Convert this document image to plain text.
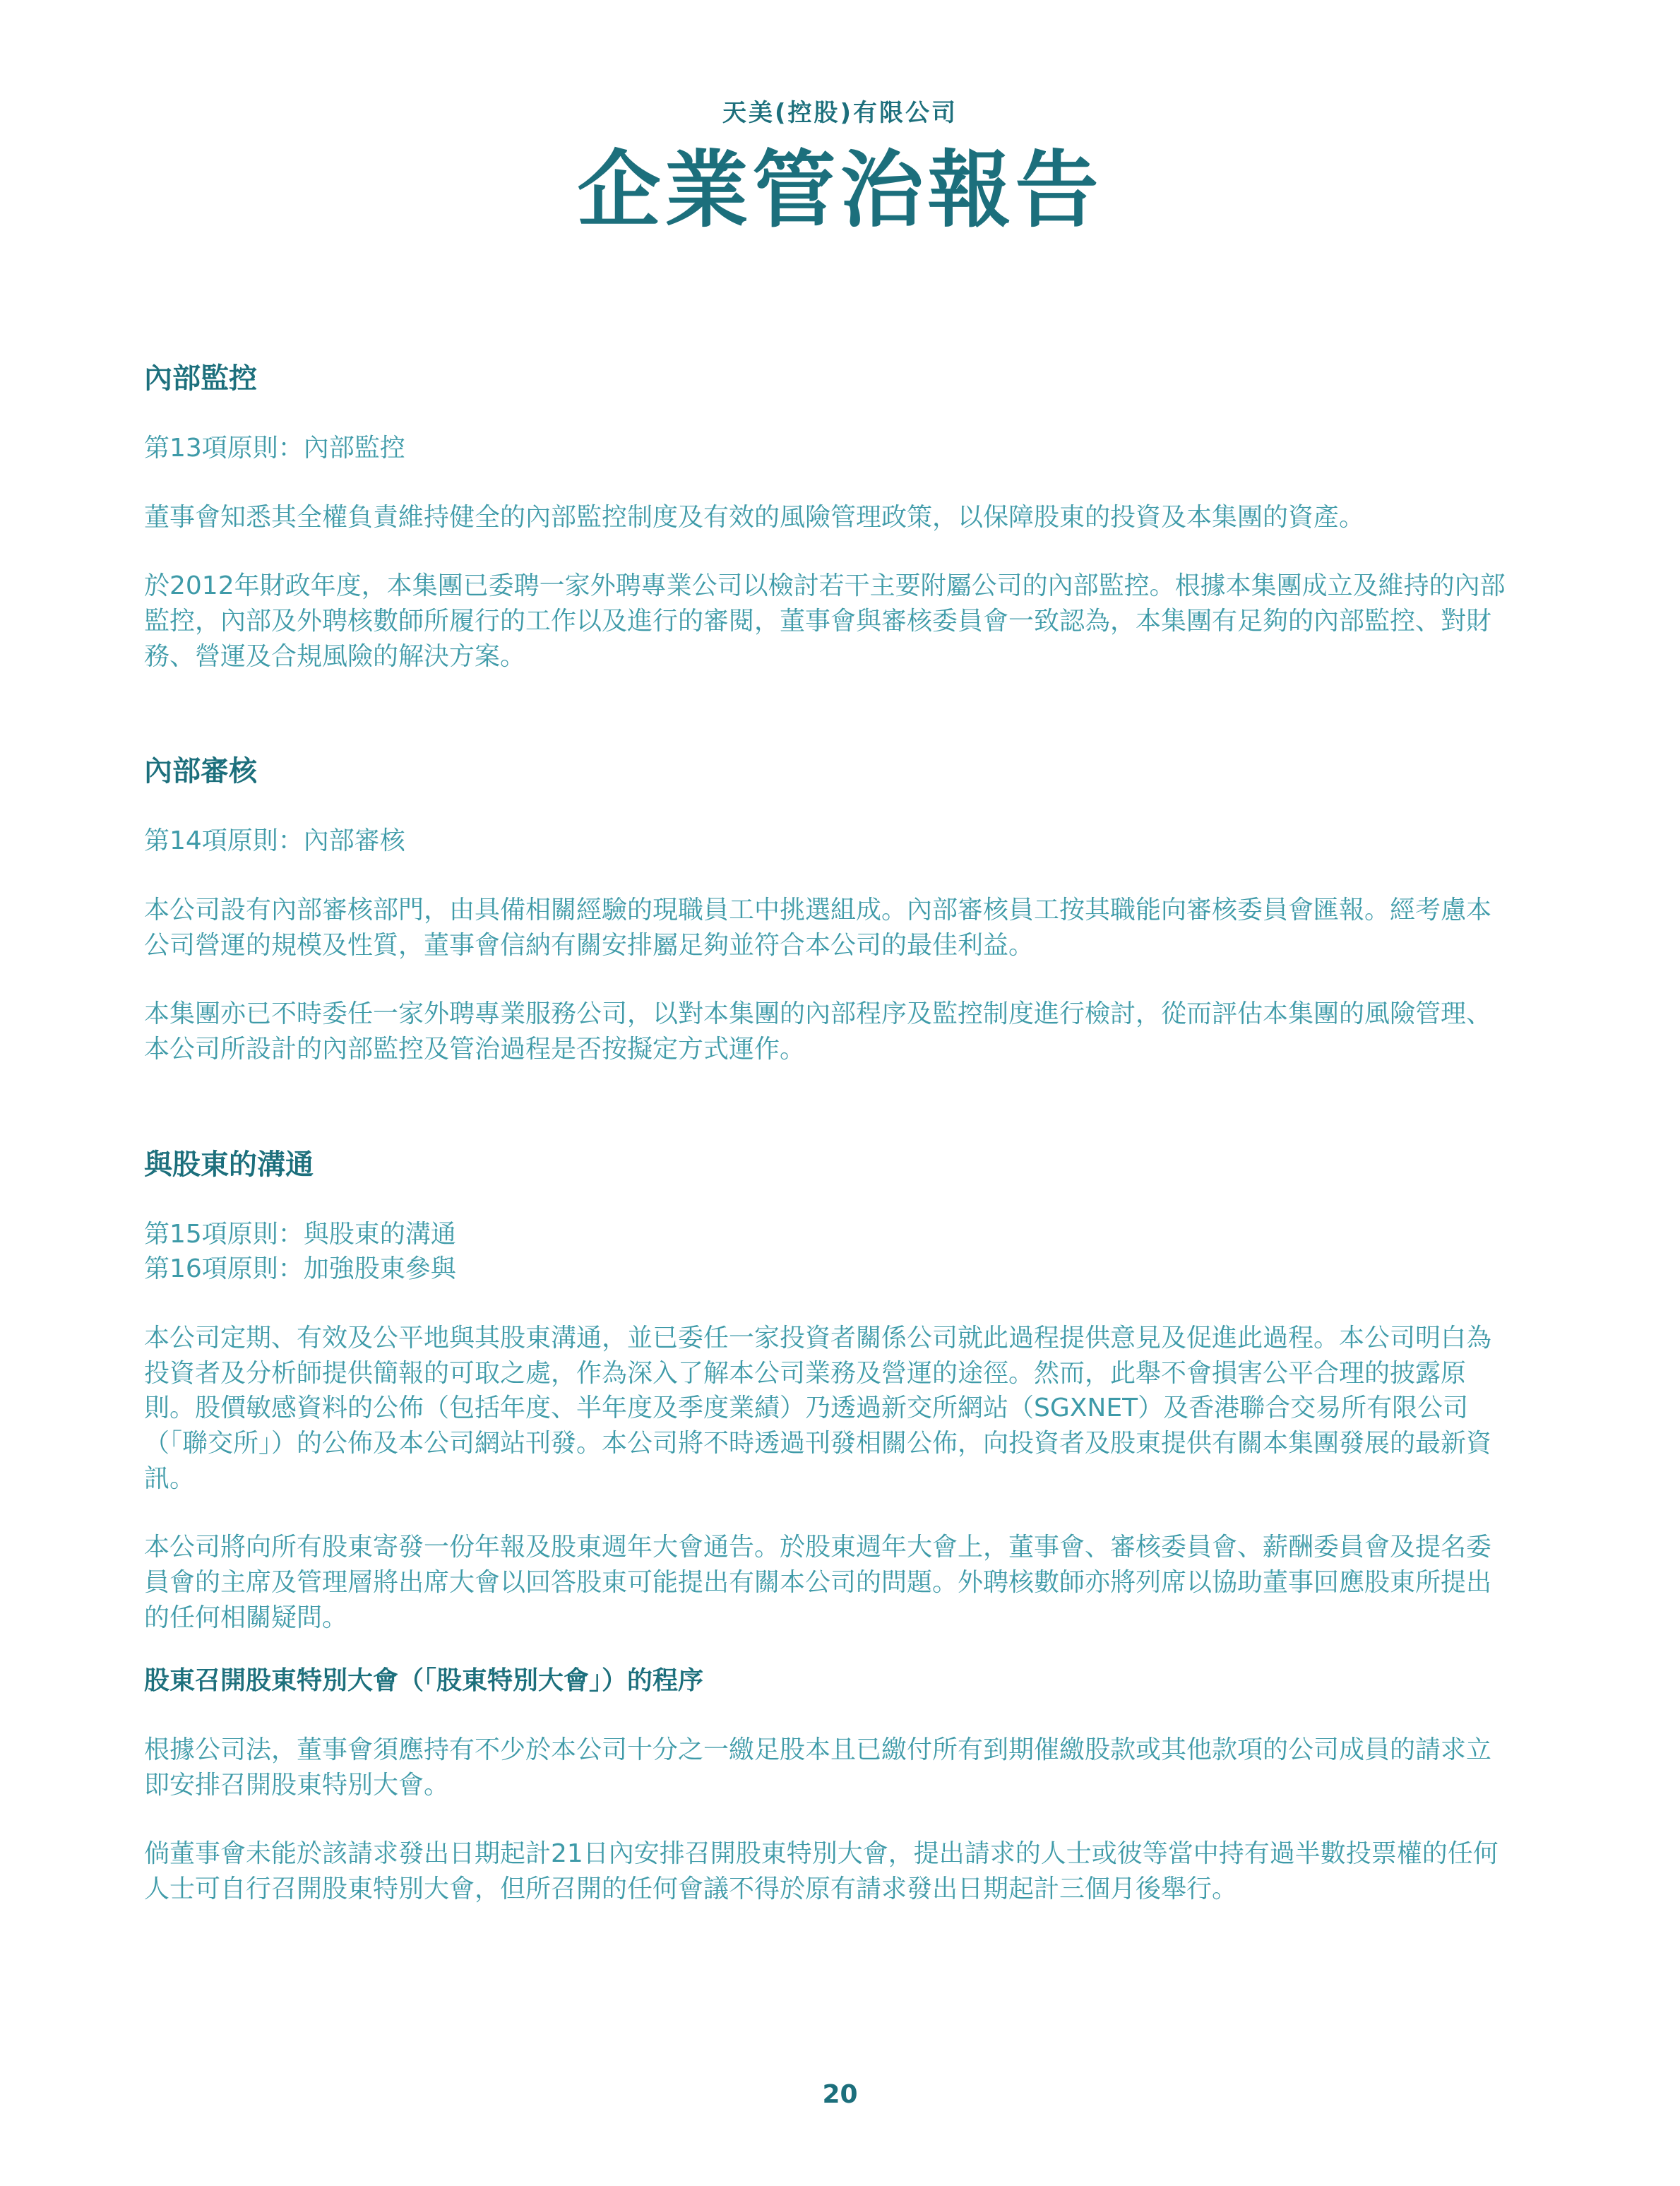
天美(控股)有限公司
企業管治報告
內部監控
第13項原則：內部監控

董事會知悉其全權負責維持健全的內部監控制度及有效的風險管理政策，以保障股東的投資及本集團的資產。

於2012年財政年度，本集團已委聘一家外聘專業公司以檢討若干主要附屬公司的內部監控。根據本集團成立及維持的內部監控，內部及外聘核數師所履行的工作以及進行的審閱，董事會與審核委員會一致認為，本集團有足夠的內部監控、對財務、營運及合規風險的解決方案。

內部審核
第14項原則：內部審核

本公司設有內部審核部門，由具備相關經驗的現職員工中挑選組成。內部審核員工按其職能向審核委員會匯報。經考慮本公司營運的規模及性質，董事會信納有關安排屬足夠並符合本公司的最佳利益。

本集團亦已不時委任一家外聘專業服務公司，以對本集團的內部程序及監控制度進行檢討，從而評估本集團的風險管理、本公司所設計的內部監控及管治過程是否按擬定方式運作。

與股東的溝通
第15項原則：與股東的溝通
第16項原則：加強股東參與

本公司定期、有效及公平地與其股東溝通，並已委任一家投資者關係公司就此過程提供意見及促進此過程。本公司明白為投資者及分析師提供簡報的可取之處，作為深入了解本公司業務及營運的途徑。然而，此舉不會損害公平合理的披露原則。股價敏感資料的公佈（包括年度、半年度及季度業績）乃透過新交所網站（SGXNET）及香港聯合交易所有限公司（「聯交所」）的公佈及本公司網站刊發。本公司將不時透過刊發相關公佈，向投資者及股東提供有關本集團發展的最新資訊。

本公司將向所有股東寄發一份年報及股東週年大會通告。於股東週年大會上，董事會、審核委員會、薪酬委員會及提名委員會的主席及管理層將出席大會以回答股東可能提出有關本公司的問題。外聘核數師亦將列席以協助董事回應股東所提出的任何相關疑問。

股東召開股東特別大會（「股東特別大會」）的程序

根據公司法，董事會須應持有不少於本公司十分之一繳足股本且已繳付所有到期催繳股款或其他款項的公司成員的請求立即安排召開股東特別大會。

倘董事會未能於該請求發出日期起計21日內安排召開股東特別大會，提出請求的人士或彼等當中持有過半數投票權的任何人士可自行召開股東特別大會，但所召開的任何會議不得於原有請求發出日期起計三個月後舉行。

20
